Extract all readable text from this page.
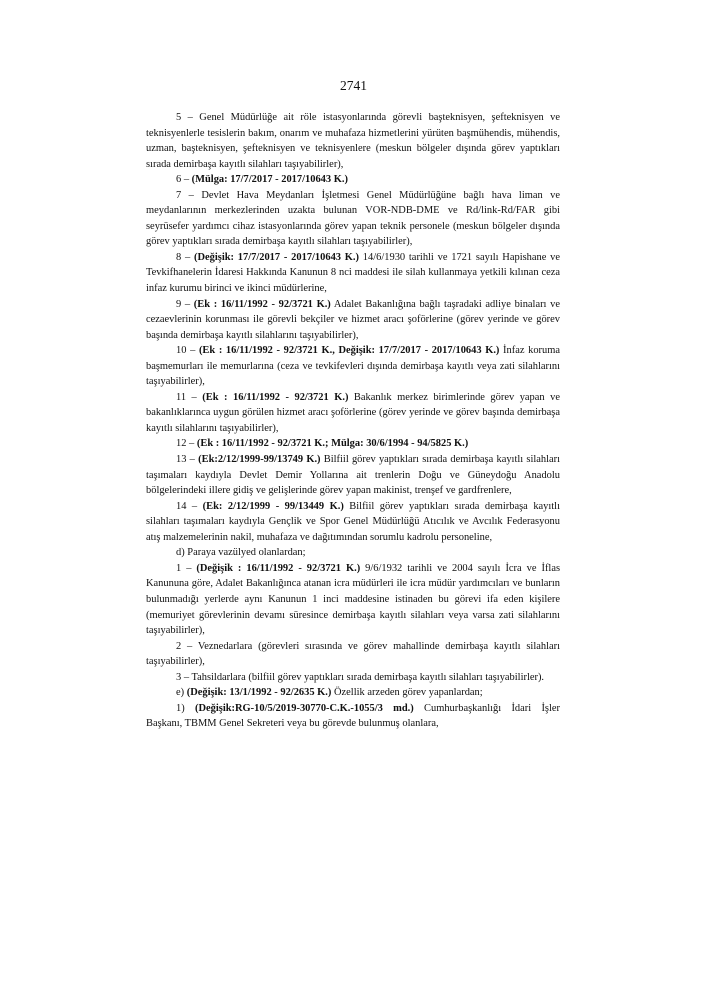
2741

5 – Genel Müdürlüğe ait röle istasyonlarında görevli başteknisyen, şefteknisyen ve teknisyenlerle tesislerin bakım, onarım ve muhafaza hizmetlerini yürüten başmühendis, mühendis, uzman, başteknisyen, şefteknisyen ve teknisyenlere (meskun bölgeler dışında görev yaptıkları sırada demirbaşa kayıtlı silahları taşıyabilirler),

6 – (Mülga: 17/7/2017 - 2017/10643 K.)

7 – Devlet Hava Meydanları İşletmesi Genel Müdürlüğüne bağlı hava liman ve meydanlarının merkezlerinden uzakta bulunan VOR-NDB-DME ve Rd/link-Rd/FAR gibi seyrüsefer yardımcı cihaz istasyonlarında görev yapan teknik personele (meskun bölgeler dışında görev yaptıkları sırada demirbaşa kayıtlı silahları taşıyabilirler),

8 – (Değişik: 17/7/2017 - 2017/10643 K.) 14/6/1930 tarihli ve 1721 sayılı Hapishane ve Tevkifhanelerin İdaresi Hakkında Kanunun 8 nci maddesi ile silah kullanmaya yetkili kılınan ceza infaz kurumu birinci ve ikinci müdürlerine,

9 – (Ek : 16/11/1992 - 92/3721 K.) Adalet Bakanlığına bağlı taşradaki adliye binaları ve cezaevlerinin korunması ile görevli bekçiler ve hizmet aracı şoförlerine (görev yerinde ve görev başında demirbaşa kayıtlı silahlarını taşıyabilirler),

10 – (Ek : 16/11/1992 - 92/3721 K., Değişik: 17/7/2017 - 2017/10643 K.) İnfaz koruma başmemurları ile memurlarına (ceza ve tevkifevleri dışında demirbaşa kayıtlı veya zati silahlarını taşıyabilirler),

11 – (Ek : 16/11/1992 - 92/3721 K.) Bakanlık merkez birimlerinde görev yapan ve bakanlıklarınca uygun görülen hizmet aracı şoförlerine (görev yerinde ve görev başında demirbaşa kayıtlı silahlarını taşıyabilirler),

12 – (Ek : 16/11/1992 - 92/3721 K.; Mülga: 30/6/1994 - 94/5825 K.)

13 – (Ek:2/12/1999-99/13749 K.) Bilfiil görev yaptıkları sırada demirbaşa kayıtlı silahları taşımaları kaydıyla Devlet Demir Yollarına ait trenlerin Doğu ve Güneydoğu Anadolu bölgelerindeki illere gidiş ve gelişlerinde görev yapan makinist, trenşef ve gardfrenlere,

14 – (Ek: 2/12/1999 - 99/13449 K.) Bilfiil görev yaptıkları sırada demirbaşa kayıtlı silahları taşımaları kaydıyla Gençlik ve Spor Genel Müdürlüğü Atıcılık ve Avcılık Federasyonu atış malzemelerinin nakil, muhafaza ve dağıtımından sorumlu kadrolu personeline,

d) Paraya vazülyed olanlardan;

1 – (Değişik : 16/11/1992 - 92/3721 K.) 9/6/1932 tarihli ve 2004 sayılı İcra ve İflas Kanununa göre, Adalet Bakanlığınca atanan icra müdürleri ile icra müdür yardımcıları ve bunların bulunmadığı yerlerde aynı Kanunun 1 inci maddesine istinaden bu görevi ifa eden kişilere (memuriyet görevlerinin devamı süresince demirbaşa kayıtlı silahları veya varsa zati silahlarını taşıyabilirler),

2 – Veznedarlara (görevleri sırasında ve görev mahallinde demirbaşa kayıtlı silahları taşıyabilirler),

3 – Tahsildarlara (bilfiil görev yaptıkları sırada demirbaşa kayıtlı silahları taşıyabilirler).

e) (Değişik: 13/1/1992 - 92/2635 K.) Özellik arzeden görev yapanlardan;

1) (Değişik:RG-10/5/2019-30770-C.K.-1055/3 md.) Cumhurbaşkanlığı İdari İşler Başkanı, TBMM Genel Sekreteri veya bu görevde bulunmuş olanlara,
